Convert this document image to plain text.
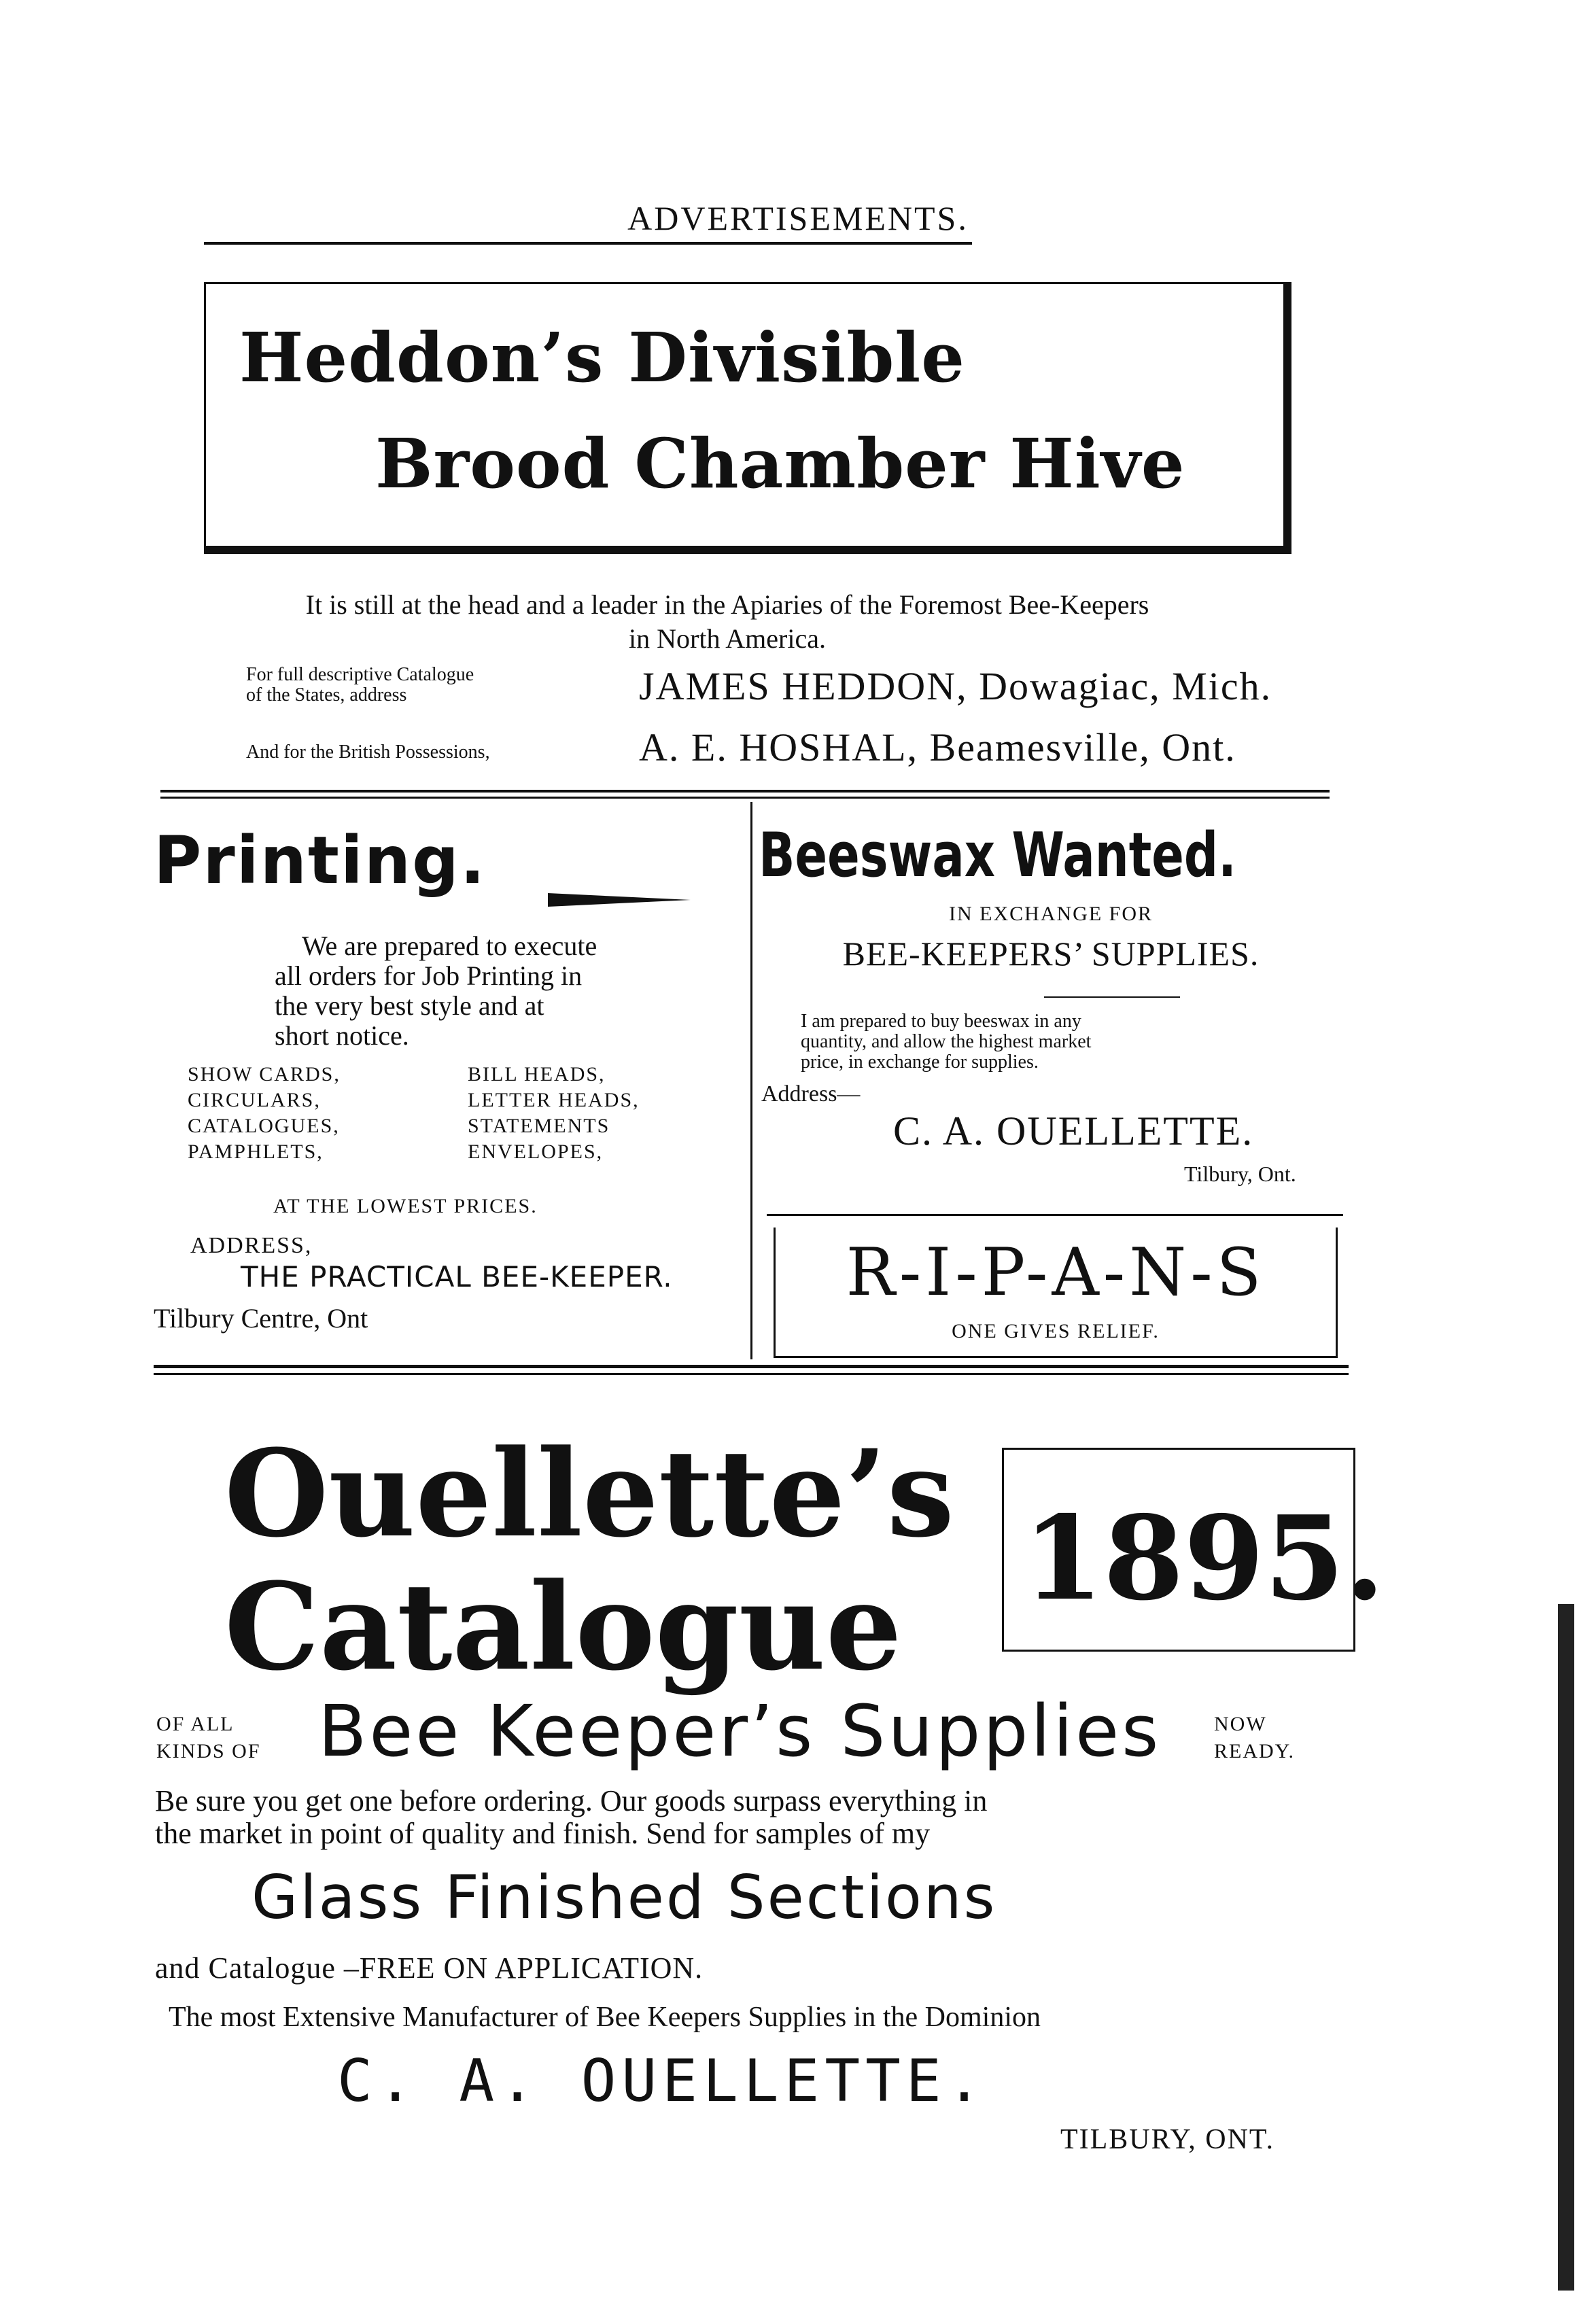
ADVERTISEMENTS.
Heddon’s Divisible
Brood Chamber Hive
It is still at the head and a leader in the Apiaries of the Foremost Bee-Keepers
in North America.
For full descriptive Catalogue
of the States, address	JAMES HEDDON, Dowagiac, Mich.
And for the British Possessions,	A. E. HOSHAL, Beamesville, Ont.
Printing.
We are prepared to execute
all orders for Job Printing in
the very best style and at
short notice.
SHOW CARDS,
CIRCULARS,
CATALOGUES,
PAMPHLETS,
BILL HEADS,
LETTER HEADS,
STATEMENTS
ENVELOPES,
AT THE LOWEST PRICES.
ADDRESS,
THE PRACTICAL BEE-KEEPER.
Tilbury Centre, Ont
Beeswax Wanted.
IN EXCHANGE FOR
BEE-KEEPERS’ SUPPLIES.
I am prepared to buy beeswax in any
quantity, and allow the highest market
price, in exchange for supplies.
Address—
C. A. OUELLETTE.
Tilbury, Ont.
R-I-P-A-N-S
ONE GIVES RELIEF.
Ouellette’s
Catalogue 1895.
OF ALL
KINDS OF Bee Keeper’s Supplies	NOW
READY.
Be sure you get one before ordering. Our goods surpass everything in
the market in point of quality and finish. Send for samples of my
Glass Finished Sections
and Catalogue –FREE ON APPLICATION.
The most Extensive Manufacturer of Bee Keepers Supplies in the Dominion
C. A. OUELLETTE.
TILBURY, ONT.
